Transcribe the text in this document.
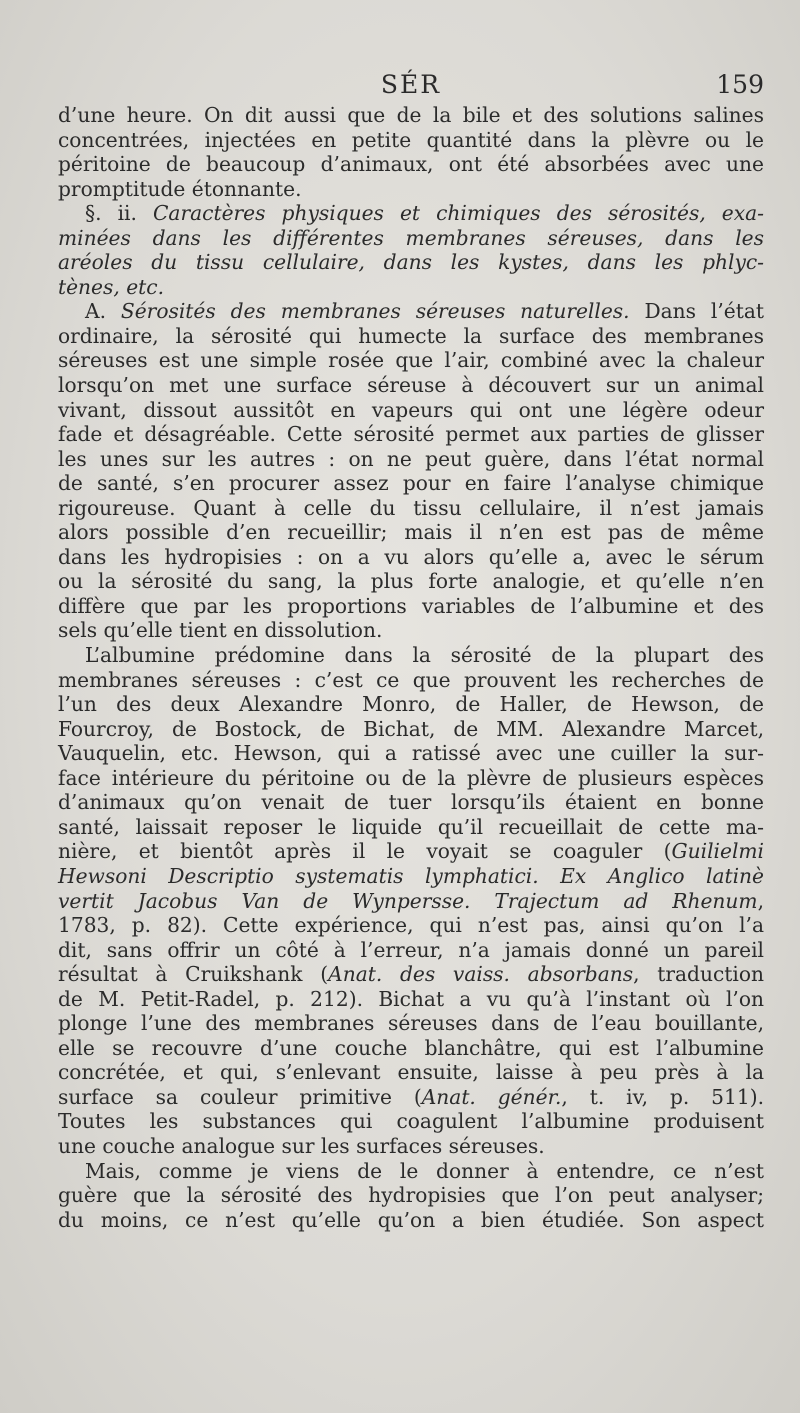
SÉR	159
d’une heure. On dit aussi que de la bile et des solutions salines
concentrées, injectées en petite quantité dans la plèvre ou le
péritoine de beaucoup d’animaux, ont été absorbées avec une
promptitude étonnante.
§. ii. Caractères physiques et chimiques des sérosités, exa-
minées dans les différentes membranes séreuses, dans les
aréoles du tissu cellulaire, dans les kystes, dans les phlyc-
tènes, etc.
A. Sérosités des membranes séreuses naturelles. Dans l’état
ordinaire, la sérosité qui humecte la surface des membranes
séreuses est une simple rosée que l’air, combiné avec la chaleur
lorsqu’on met une surface séreuse à découvert sur un animal
vivant, dissout aussitôt en vapeurs qui ont une légère odeur
fade et désagréable. Cette sérosité permet aux parties de glisser
les unes sur les autres : on ne peut guère, dans l’état normal
de santé, s’en procurer assez pour en faire l’analyse chimique
rigoureuse. Quant à celle du tissu cellulaire, il n’est jamais
alors possible d’en recueillir; mais il n’en est pas de même
dans les hydropisies : on a vu alors qu’elle a, avec le sérum
ou la sérosité du sang, la plus forte analogie, et qu’elle n’en
diffère que par les proportions variables de l’albumine et des
sels qu’elle tient en dissolution.
L’albumine prédomine dans la sérosité de la plupart des
membranes séreuses : c’est ce que prouvent les recherches de
l’un des deux Alexandre Monro, de Haller, de Hewson, de
Fourcroy, de Bostock, de Bichat, de MM. Alexandre Marcet,
Vauquelin, etc. Hewson, qui a ratissé avec une cuiller la sur-
face intérieure du péritoine ou de la plèvre de plusieurs espèces
d’animaux qu’on venait de tuer lorsqu’ils étaient en bonne
santé, laissait reposer le liquide qu’il recueillait de cette ma-
nière, et bientôt après il le voyait se coaguler (Guilielmi
Hewsoni Descriptio systematis lymphatici. Ex Anglico latinè
vertit Jacobus Van de Wynpersse. Trajectum ad Rhenum,
1783, p. 82). Cette expérience, qui n’est pas, ainsi qu’on l’a
dit, sans offrir un côté à l’erreur, n’a jamais donné un pareil
résultat à Cruikshank (Anat. des vaiss. absorbans, traduction
de M. Petit-Radel, p. 212). Bichat a vu qu’à l’instant où l’on
plonge l’une des membranes séreuses dans de l’eau bouillante,
elle se recouvre d’une couche blanchâtre, qui est l’albumine
concrétée, et qui, s’enlevant ensuite, laisse à peu près à la
surface sa couleur primitive (Anat. génér., t. iv, p. 511).
Toutes les substances qui coagulent l’albumine produisent
une couche analogue sur les surfaces séreuses.
Mais, comme je viens de le donner à entendre, ce n’est
guère que la sérosité des hydropisies que l’on peut analyser;
du moins, ce n’est qu’elle qu’on a bien étudiée. Son aspect
